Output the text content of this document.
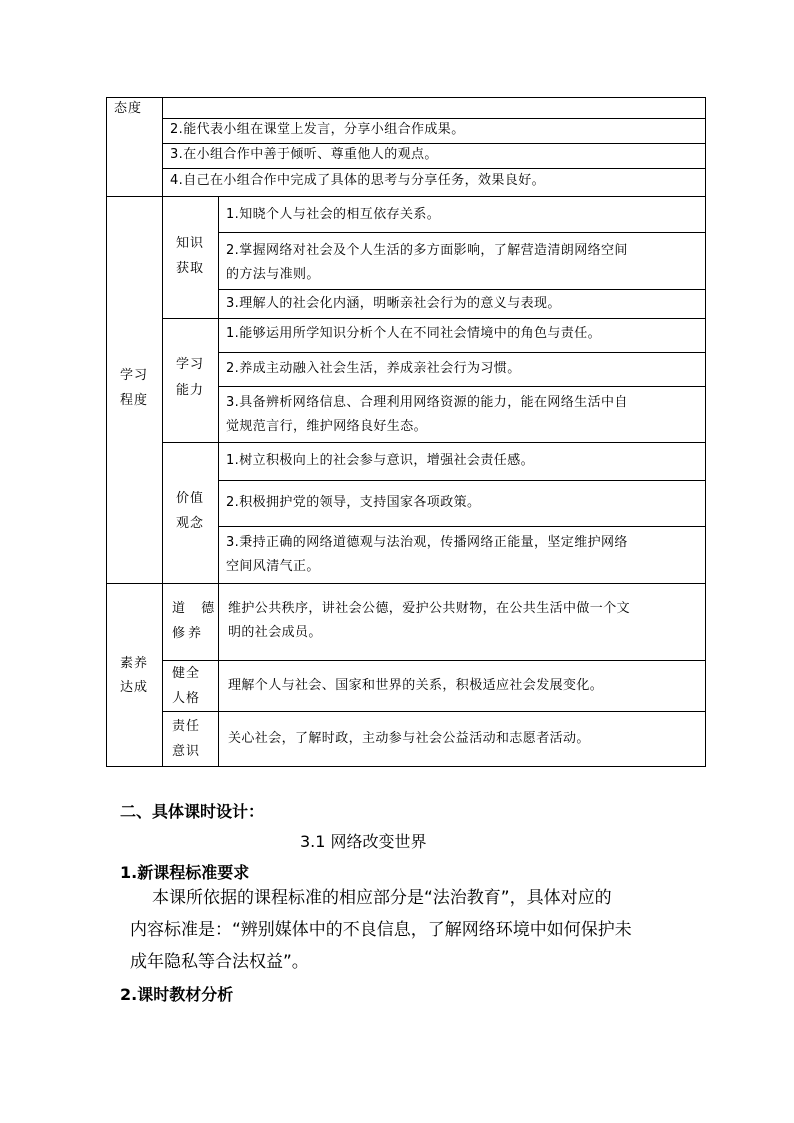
态度
2.能代表小组在课堂上发言，分享小组合作成果。
3.在小组合作中善于倾听、尊重他人的观点。
4.自己在小组合作中完成了具体的思考与分享任务，效果良好。
学习
程度
知识
获取
1.知晓个人与社会的相互依存关系。
2.掌握网络对社会及个人生活的多方面影响，了解营造清朗网络空间
的方法与准则。
3.理解人的社会化内涵，明晰亲社会行为的意义与表现。
学习
能力
1.能够运用所学知识分析个人在不同社会情境中的角色与责任。
2.养成主动融入社会生活，养成亲社会行为习惯。
3.具备辨析网络信息、合理利用网络资源的能力，能在网络生活中自
觉规范言行，维护网络良好生态。
价值
观念
1.树立积极向上的社会参与意识，增强社会责任感。
2.积极拥护党的领导，支持国家各项政策。
3.秉持正确的网络道德观与法治观，传播网络正能量，坚定维护网络
空间风清气正。
素养
达成
道 德
修养
维护公共秩序，讲社会公德，爱护公共财物，在公共生活中做一个文
明的社会成员。
健全
人格
理解个人与社会、国家和世界的关系，积极适应社会发展变化。
责任
意识
关心社会，了解时政，主动参与社会公益活动和志愿者活动。
二、具体课时设计：
3.1 网络改变世界
1.新课程标准要求
本课所依据的课程标准的相应部分是“法治教育”，具体对应的
内容标准是：“辨别媒体中的不良信息，了解网络环境中如何保护未
成年隐私等合法权益”。
2.课时教材分析
